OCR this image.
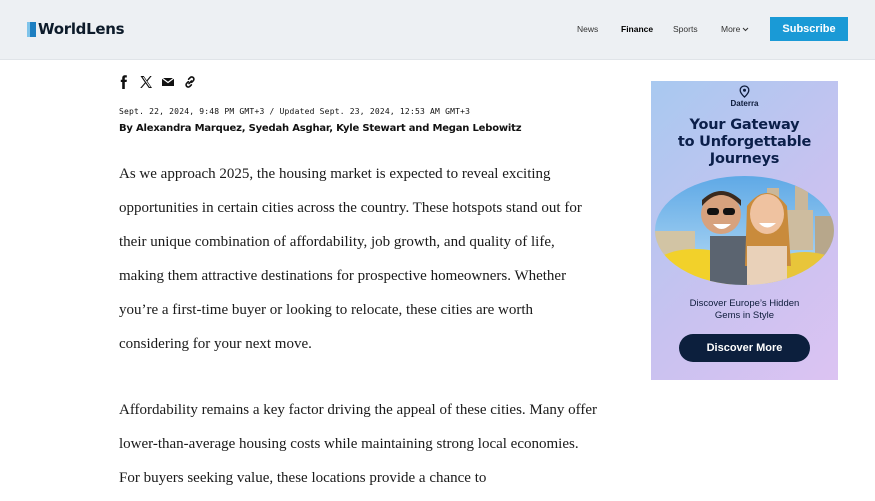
WorldLens	News	Finance Sports	More	Subscribe
Sept. 22, 2024, 9:48 PM GMT+3 / Updated Sept. 23, 2024, 12:53 AM GMT+3
By Alexandra Marquez, Syedah Asghar, Kyle Stewart and Megan Lebowitz

As we approach 2025, the housing market is expected to reveal exciting opportunities in certain cities across the country. These hotspots stand out for their unique combination of affordability, job growth, and quality of life, making them attractive destinations for prospective homeowners. Whether you’re a first-time buyer or looking to relocate, these cities are worth considering for your next move.

Affordability remains a key factor driving the appeal of these cities. Many offer lower-than-average housing costs while maintaining strong local economies. For buyers seeking value, these locations provide a chance to

Daterra
Your Gateway
to Unforgettable
Journeys
Discover Europe’s Hidden
Gems in Style
Discover More
